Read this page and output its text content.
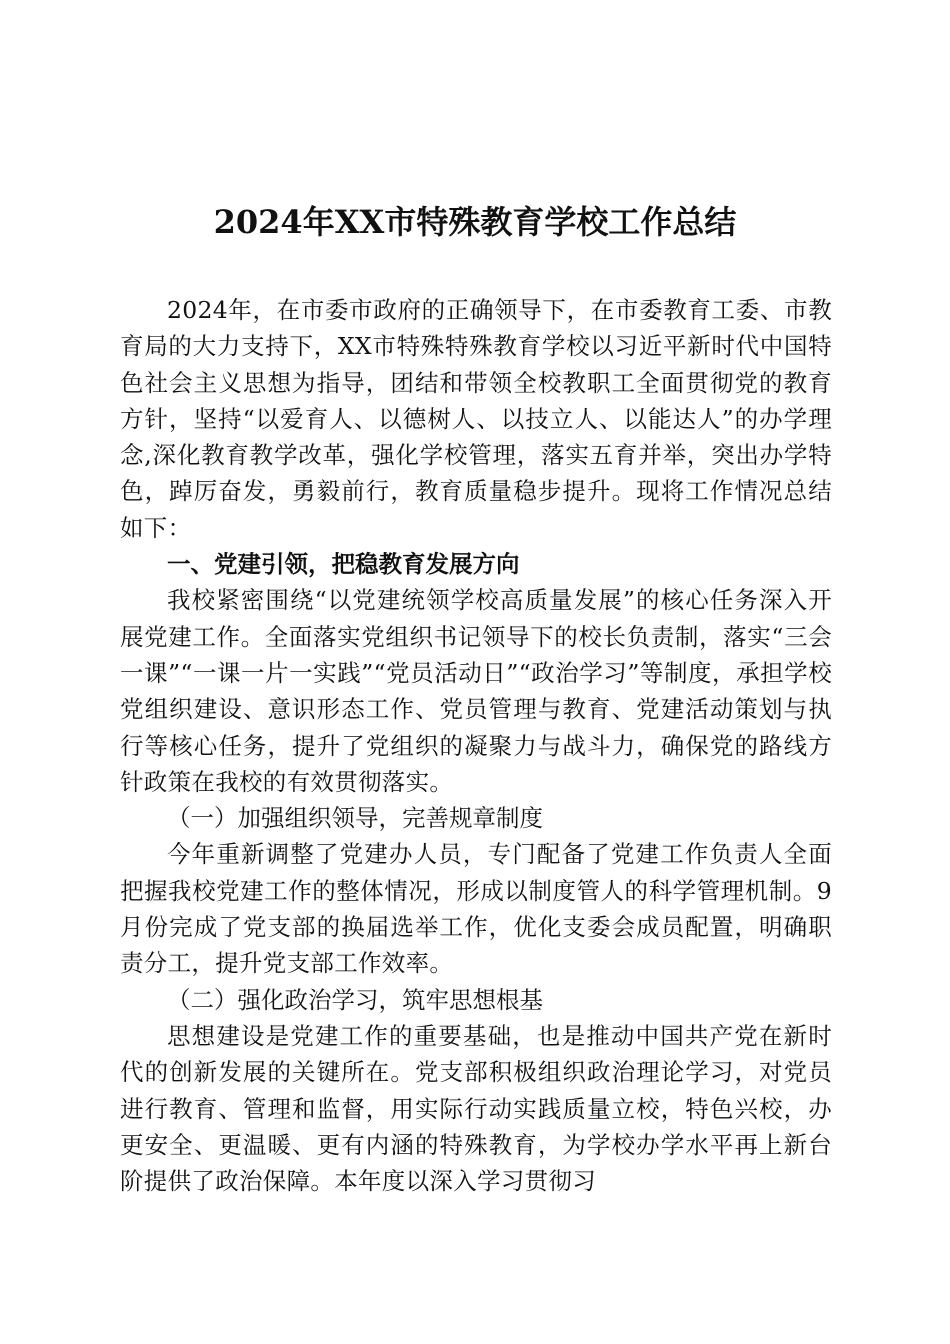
2024年XX市特殊教育学校工作总结

2024年，在市委市政府的正确领导下，在市委教育工委、市教育局的大力支持下，XX市特殊特殊教育学校以习近平新时代中国特色社会主义思想为指导，团结和带领全校教职工全面贯彻党的教育方针，坚持“以爱育人、以德树人、以技立人、以能达人”的办学理念,深化教育教学改革，强化学校管理，落实五育并举，突出办学特色，踔厉奋发，勇毅前行，教育质量稳步提升。现将工作情况总结如下：

一、党建引领，把稳教育发展方向

我校紧密围绕“以党建统领学校高质量发展”的核心任务深入开展党建工作。全面落实党组织书记领导下的校长负责制，落实“三会一课”“一课一片一实践”“党员活动日”“政治学习”等制度，承担学校党组织建设、意识形态工作、党员管理与教育、党建活动策划与执行等核心任务，提升了党组织的凝聚力与战斗力，确保党的路线方针政策在我校的有效贯彻落实。

（一）加强组织领导，完善规章制度

今年重新调整了党建办人员，专门配备了党建工作负责人全面把握我校党建工作的整体情况，形成以制度管人的科学管理机制。9月份完成了党支部的换届选举工作，优化支委会成员配置，明确职责分工，提升党支部工作效率。

（二）强化政治学习，筑牢思想根基

思想建设是党建工作的重要基础，也是推动中国共产党在新时代的创新发展的关键所在。党支部积极组织政治理论学习，对党员进行教育、管理和监督，用实际行动实践质量立校，特色兴校，办更安全、更温暖、更有内涵的特殊教育，为学校办学水平再上新台阶提供了政治保障。本年度以深入学习贯彻习
